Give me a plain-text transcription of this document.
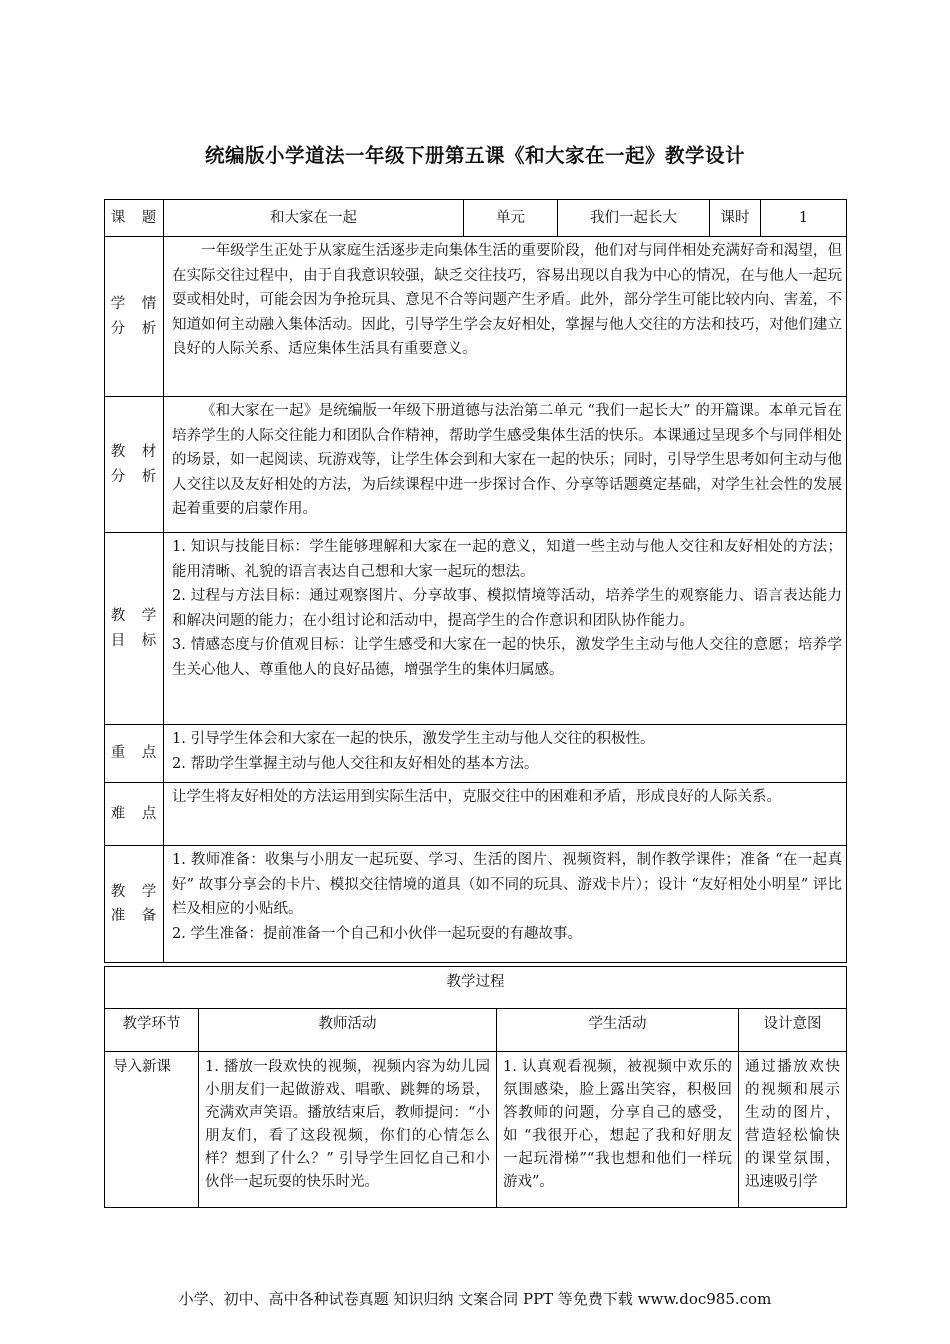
统编版小学道法一年级下册第五课《和大家在一起》教学设计
课 题	和大家在一起	单元	我们一起长大	课时	1
学 情
分 析	一年级学生正处于从家庭生活逐步走向集体生活的重要阶段，他们对与同伴相处充满好奇和渴望，但在实际交往过程中，由于自我意识较强，缺乏交往技巧，容易出现以自我为中心的情况，在与他人一起玩耍或相处时，可能会因为争抢玩具、意见不合等问题产生矛盾。此外，部分学生可能比较内向、害羞，不知道如何主动融入集体活动。因此，引导学生学会友好相处，掌握与他人交往的方法和技巧，对他们建立良好的人际关系、适应集体生活具有重要意义。				

教 材
分 析	《和大家在一起》是统编版一年级下册道德与法治第二单元 “我们一起长大” 的开篇课。本单元旨在培养学生的人际交往能力和团队合作精神，帮助学生感受集体生活的快乐。本课通过呈现多个与同伴相处的场景，如一起阅读、玩游戏等，让学生体会到和大家在一起的快乐；同时，引导学生思考如何主动与他人交往以及友好相处的方法，为后续课程中进一步探讨合作、分享等话题奠定基础，对学生社会性的发展起着重要的启蒙作用。				

教 学
目 标	1. 知识与技能目标：学生能够理解和大家在一起的意义，知道一些主动与他人交往和友好相处的方法；能用清晰、礼貌的语言表达自己想和大家一起玩的想法。
2. 过程与方法目标：通过观察图片、分享故事、模拟情境等活动，培养学生的观察能力、语言表达能力和解决问题的能力；在小组讨论和活动中，提高学生的合作意识和团队协作能力。
3. 情感态度与价值观目标：让学生感受和大家在一起的快乐，激发学生主动与他人交往的意愿；培养学生关心他人、尊重他人的良好品德，增强学生的集体归属感。				

重 点	1. 引导学生体会和大家在一起的快乐，激发学生主动与他人交往的积极性。
2. 帮助学生掌握主动与他人交往和友好相处的基本方法。				

难 点	让学生将友好相处的方法运用到实际生活中，克服交往中的困难和矛盾，形成良好的人际关系。				
教 学
准 备	1. 教师准备：收集与小朋友一起玩耍、学习、生活的图片、视频资料，制作教学课件；准备 “在一起真好” 故事分享会的卡片、模拟交往情境的道具（如不同的玩具、游戏卡片）；设计 “友好相处小明星” 评比栏及相应的小贴纸。
2. 学生准备：提前准备一个自己和小伙伴一起玩耍的有趣故事。				
教学过程			
教学环节	教师活动	学生活动	设计意图
导入新课	1. 播放一段欢快的视频，视频内容为幼儿园小朋友们一起做游戏、唱歌、跳舞的场景，充满欢声笑语。播放结束后，教师提问：“小朋友们，看了这段视频，你们的心情怎么样？想到了什么？” 引导学生回忆自己和小伙伴一起玩耍的快乐时光。	1. 认真观看视频，被视频中欢乐的氛围感染，脸上露出笑容，积极回答教师的问题，分享自己的感受，如 “我很开心，想起了我和好朋友一起玩滑梯”“我也想和他们一样玩游戏”。	通过播放欢快的视频和展示生动的图片，营造轻松愉快的课堂氛围，迅速吸引学
小学、初中、高中各种试卷真题 知识归纳 文案合同 PPT 等免费下载 www.doc985.com
